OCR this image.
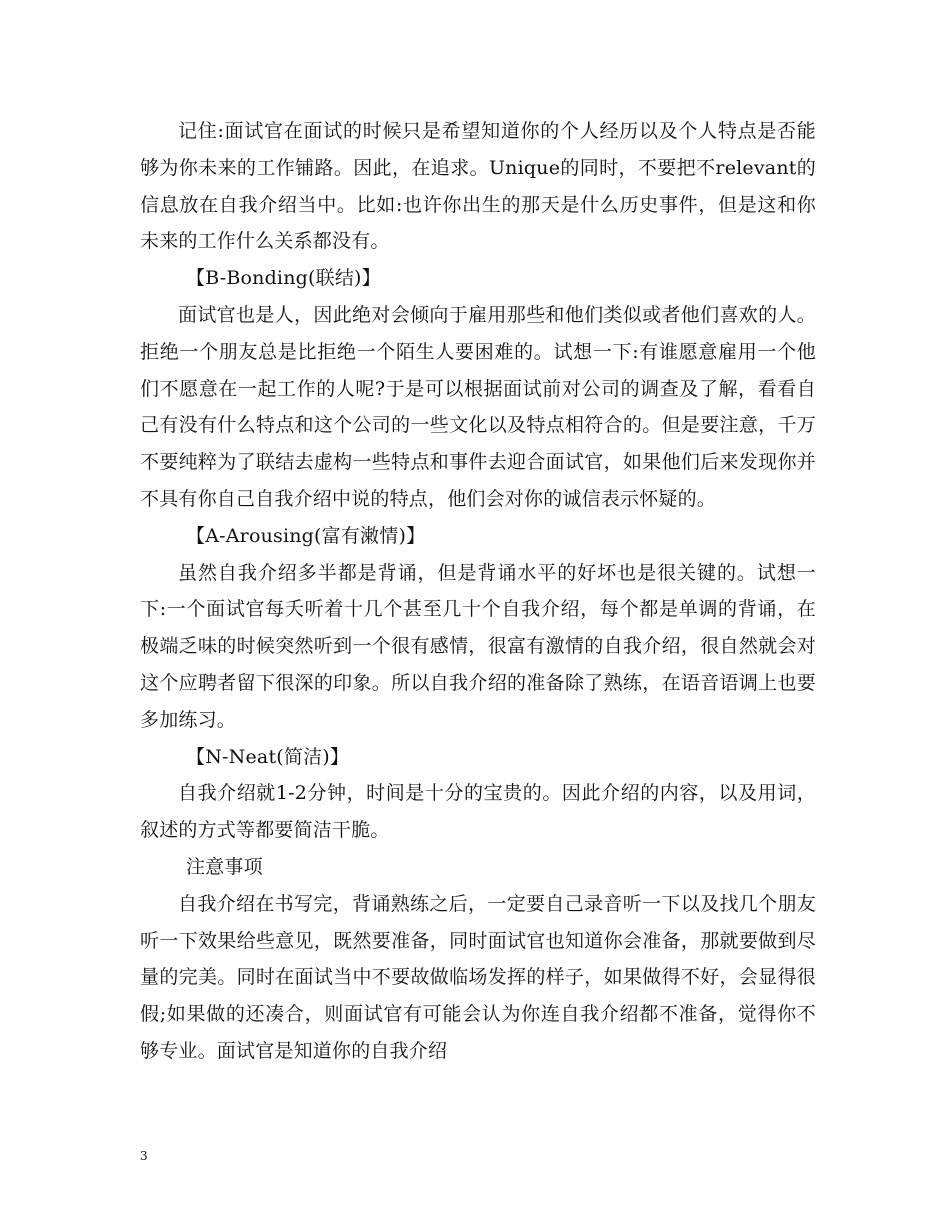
记住:面试官在面试的时候只是希望知道你的个人经历以及个人特点是否能够为你未来的工作铺路。因此，在追求。Unique的同时，不要把不relevant的信息放在自我介绍当中。比如:也许你出生的那天是什么历史事件，但是这和你未来的工作什么关系都没有。

【B-Bonding(联结)】

面试官也是人，因此绝对会倾向于雇用那些和他们类似或者他们喜欢的人。拒绝一个朋友总是比拒绝一个陌生人要困难的。试想一下:有谁愿意雇用一个他们不愿意在一起工作的人呢?于是可以根据面试前对公司的调查及了解，看看自己有没有什么特点和这个公司的一些文化以及特点相符合的。但是要注意，千万不要纯粹为了联结去虚构一些特点和事件去迎合面试官，如果他们后来发现你并不具有你自己自我介绍中说的特点，他们会对你的诚信表示怀疑的。

【A-Arousing(富有潄情)】

虽然自我介绍多半都是背诵，但是背诵水平的好坏也是很关键的。试想一下:一个面试官每夭听着十几个甚至几十个自我介绍，每个都是单调的背诵，在极端乏味的时候突然听到一个很有感情，很富有激情的自我介绍，很自然就会对这个应聘者留下很深的印象。所以自我介绍的准备除了熟练，在语音语调上也要多加练习。

【N-Neat(简洁)】

自我介绍就1-2分钟，时间是十分的宝贵的。因此介绍的内容，以及用词，叙述的方式等都要简洁干脆。

注意事项

自我介绍在书写完，背诵熟练之后，一定要自己录音听一下以及找几个朋友听一下效果给些意见，既然要准备，同时面试官也知道你会准备，那就要做到尽量的完美。同时在面试当中不要故做临场发挥的样子，如果做得不好，会显得很假;如果做的还凑合，则面试官有可能会认为你连自我介绍都不准备，觉得你不够专业。面试官是知道你的自我介绍

3
